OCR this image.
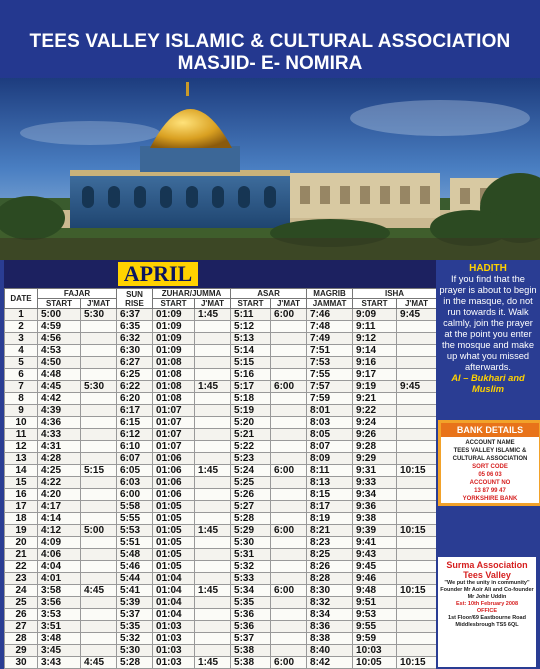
TEES VALLEY ISLAMIC & CULTURAL ASSOCIATION
MASJID- E- NOMIRA
APRIL
DATE	FAJAR		SUN RISE	ZUHAR/JUMMA		ASAR		MAGRIB	ISHA	
	START	J'MAT		START	J'MAT	START	J'MAT	JAMMAT	START	J'MAT
1	5:00	5:30	6:37	01:09	1:45	5:11	6:00	7:46	9:09	9:45
2	4:59		6:35	01:09		5:12		7:48	9:11	
3	4:56		6:32	01:09		5:13		7:49	9:12	
4	4:53		6:30	01:09		5:14		7:51	9:14	
5	4:50		6:27	01:08		5:15		7:53	9:16	
6	4:48		6:25	01:08		5:16		7:55	9:17	
7	4:45	5:30	6:22	01:08	1:45	5:17	6:00	7:57	9:19	9:45
8	4:42		6:20	01:08		5:18		7:59	9:21	
9	4:39		6:17	01:07		5:19		8:01	9:22	
10	4:36		6:15	01:07		5:20		8:03	9:24	
11	4:33		6:12	01:07		5:21		8:05	9:26	
12	4:31		6:10	01:07		5:22		8:07	9:28	
13	4:28		6:07	01:06		5:23		8:09	9:29	
14	4:25	5:15	6:05	01:06	1:45	5:24	6:00	8:11	9:31	10:15
15	4:22		6:03	01:06		5:25		8:13	9:33	
16	4:20		6:00	01:06		5:26		8:15	9:34	
17	4:17		5:58	01:05		5:27		8:17	9:36	
18	4:14		5:55	01:05		5:28		8:19	9:38	
19	4:12	5:00	5:53	01:05	1:45	5:29	6:00	8:21	9:39	10:15
20	4:09		5:51	01:05		5:30		8:23	9:41	
21	4:06		5:48	01:05		5:31		8:25	9:43	
22	4:04		5:46	01:05		5:32		8:26	9:45	
23	4:01		5:44	01:04		5:33		8:28	9:46	
24	3:58	4:45	5:41	01:04	1:45	5:34	6:00	8:30	9:48	10:15
25	3:56		5:39	01:04		5:35		8:32	9:51	
26	3:53		5:37	01:04		5:36		8:34	9:53	
27	3:51		5:35	01:03		5:36		8:36	9:55	
28	3:48		5:32	01:03		5:37		8:38	9:59	
29	3:45		5:30	01:03		5:38		8:40	10:03	
30	3:43	4:45	5:28	01:03	1:45	5:38	6:00	8:42	10:05	10:15
HADITH
If you find that the prayer is about to begin in the masque, do not run towards it. Walk calmly, join the prayer at the point you enter the mosque and make up what you missed afterwards.
Al – Bukhari and Muslim
BANK DETAILS
ACCOUNT NAME
TEES VALLEY ISLAMIC & CULTURAL ASSOCIATION
SORT CODE
05 06 03
ACCOUNT NO
13 87 99 47
YORKSHIRE BANK
Surma Association Tees Valley
"We put the unity in community"
Founder Mr Aoir Ali and Co-founder Mr Johir Uddin
Est: 10th February 2008
OFFICE
1st Floor/69 Eastbourne Road Middlesbrough TS5 6QL
